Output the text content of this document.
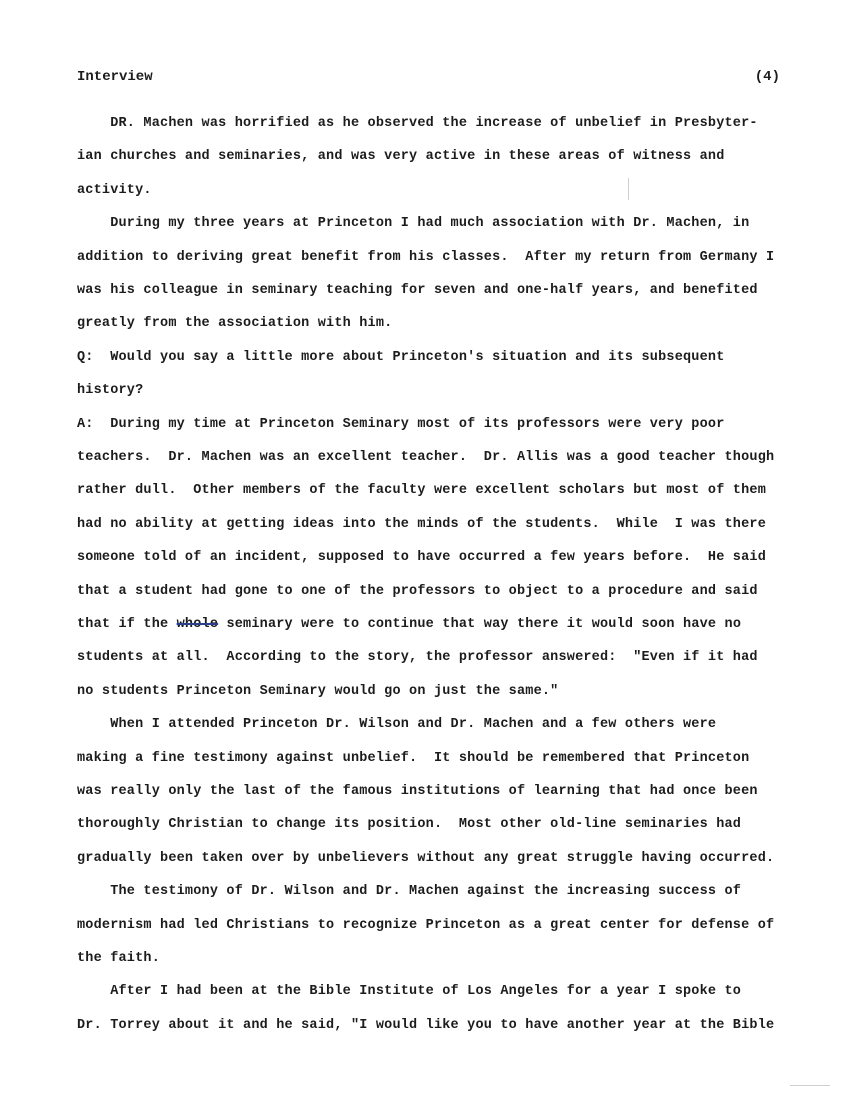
Interview	(4)
DR. Machen was horrified as he observed the increase of unbelief in Presbyter-
ian churches and seminaries, and was very active in these areas of witness and
activity.
During my three years at Princeton I had much association with Dr. Machen, in
addition to deriving great benefit from his classes.  After my return from Germany I
was his colleague in seminary teaching for seven and one-half years, and benefited
greatly from the association with him.
Q:  Would you say a little more about Princeton's situation and its subsequent
history?
A:  During my time at Princeton Seminary most of its professors were very poor
teachers.  Dr. Machen was an excellent teacher.  Dr. Allis was a good teacher though
rather dull.  Other members of the faculty were excellent scholars but most of them
had no ability at getting ideas into the minds of the students.  While  I was there
someone told of an incident, supposed to have occurred a few years before.  He said
that a student had gone to one of the professors to object to a procedure and said
that if the whole seminary were to continue that way there it would soon have no
students at all.  According to the story, the professor answered:  "Even if it had
no students Princeton Seminary would go on just the same."
When I attended Princeton Dr. Wilson and Dr. Machen and a few others were
making a fine testimony against unbelief.  It should be remembered that Princeton
was really only the last of the famous institutions of learning that had once been
thoroughly Christian to change its position.  Most other old-line seminaries had
gradually been taken over by unbelievers without any great struggle having occurred.
The testimony of Dr. Wilson and Dr. Machen against the increasing success of
modernism had led Christians to recognize Princeton as a great center for defense of
the faith.
After I had been at the Bible Institute of Los Angeles for a year I spoke to
Dr. Torrey about it and he said, "I would like you to have another year at the Bible
